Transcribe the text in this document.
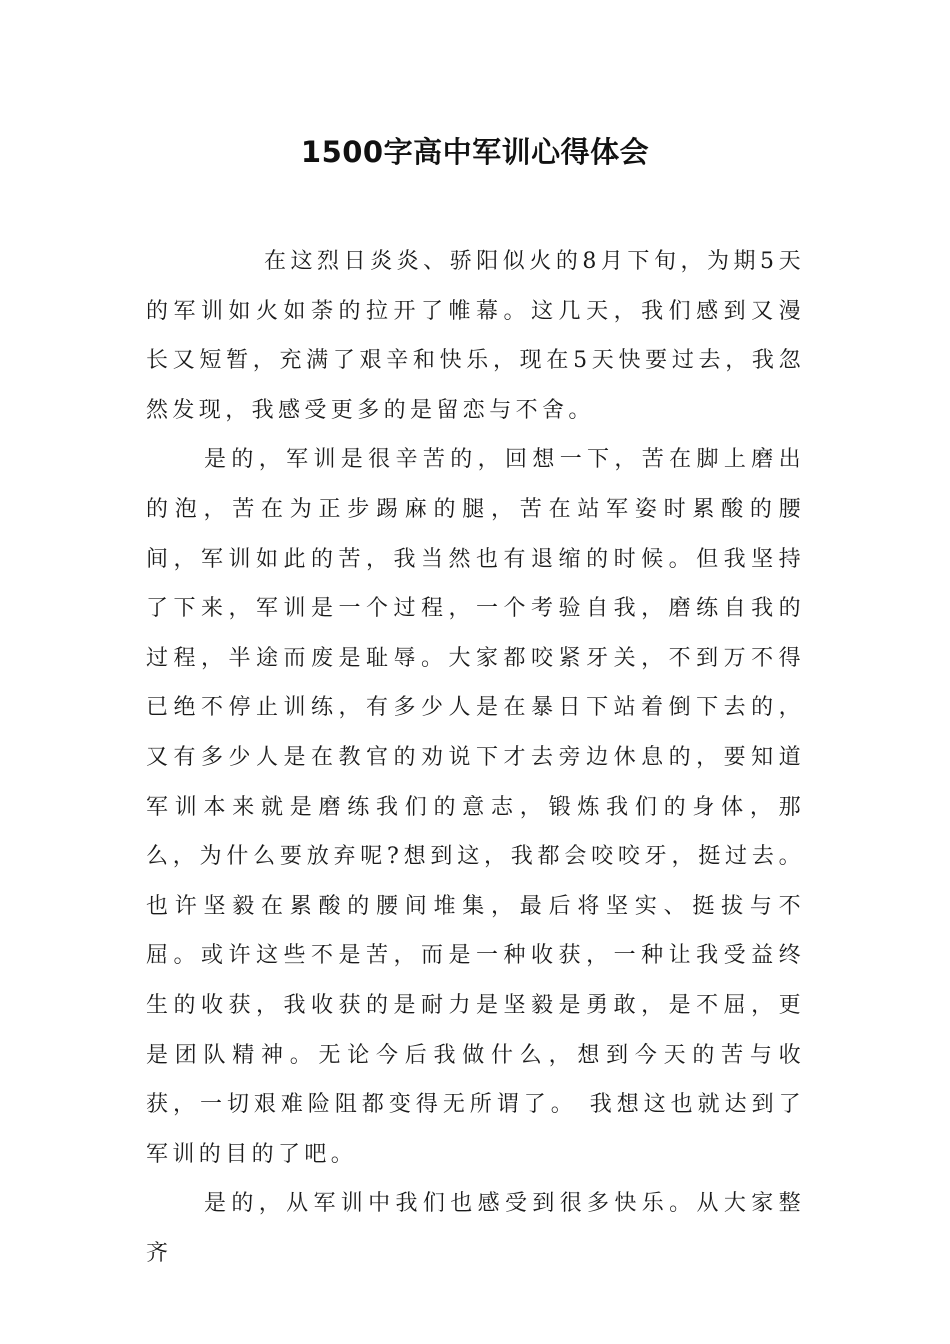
1500字高中军训心得体会

在这烈日炎炎、骄阳似火的8月下旬，为期5天的军训如火如荼的拉开了帷幕。这几天，我们感到又漫长又短暂，充满了艰辛和快乐，现在5天快要过去，我忽然发现，我感受更多的是留恋与不舍。

是的，军训是很辛苦的，回想一下，苦在脚上磨出的泡，苦在为正步踢麻的腿，苦在站军姿时累酸的腰间，军训如此的苦，我当然也有退缩的时候。但我坚持了下来，军训是一个过程，一个考验自我，磨练自我的过程，半途而废是耻辱。大家都咬紧牙关，不到万不得已绝不停止训练，有多少人是在暴日下站着倒下去的，又有多少人是在教官的劝说下才去旁边休息的，要知道军训本来就是磨练我们的意志，锻炼我们的身体，那么，为什么要放弃呢?想到这，我都会咬咬牙，挺过去。也许坚毅在累酸的腰间堆集，最后将坚实、挺拔与不屈。或许这些不是苦，而是一种收获，一种让我受益终生的收获，我收获的是耐力是坚毅是勇敢，是不屈，更是团队精神。无论今后我做什么，想到今天的苦与收获，一切艰难险阻都变得无所谓了。 我想这也就达到了军训的目的了吧。

是的，从军训中我们也感受到很多快乐。从大家整齐
